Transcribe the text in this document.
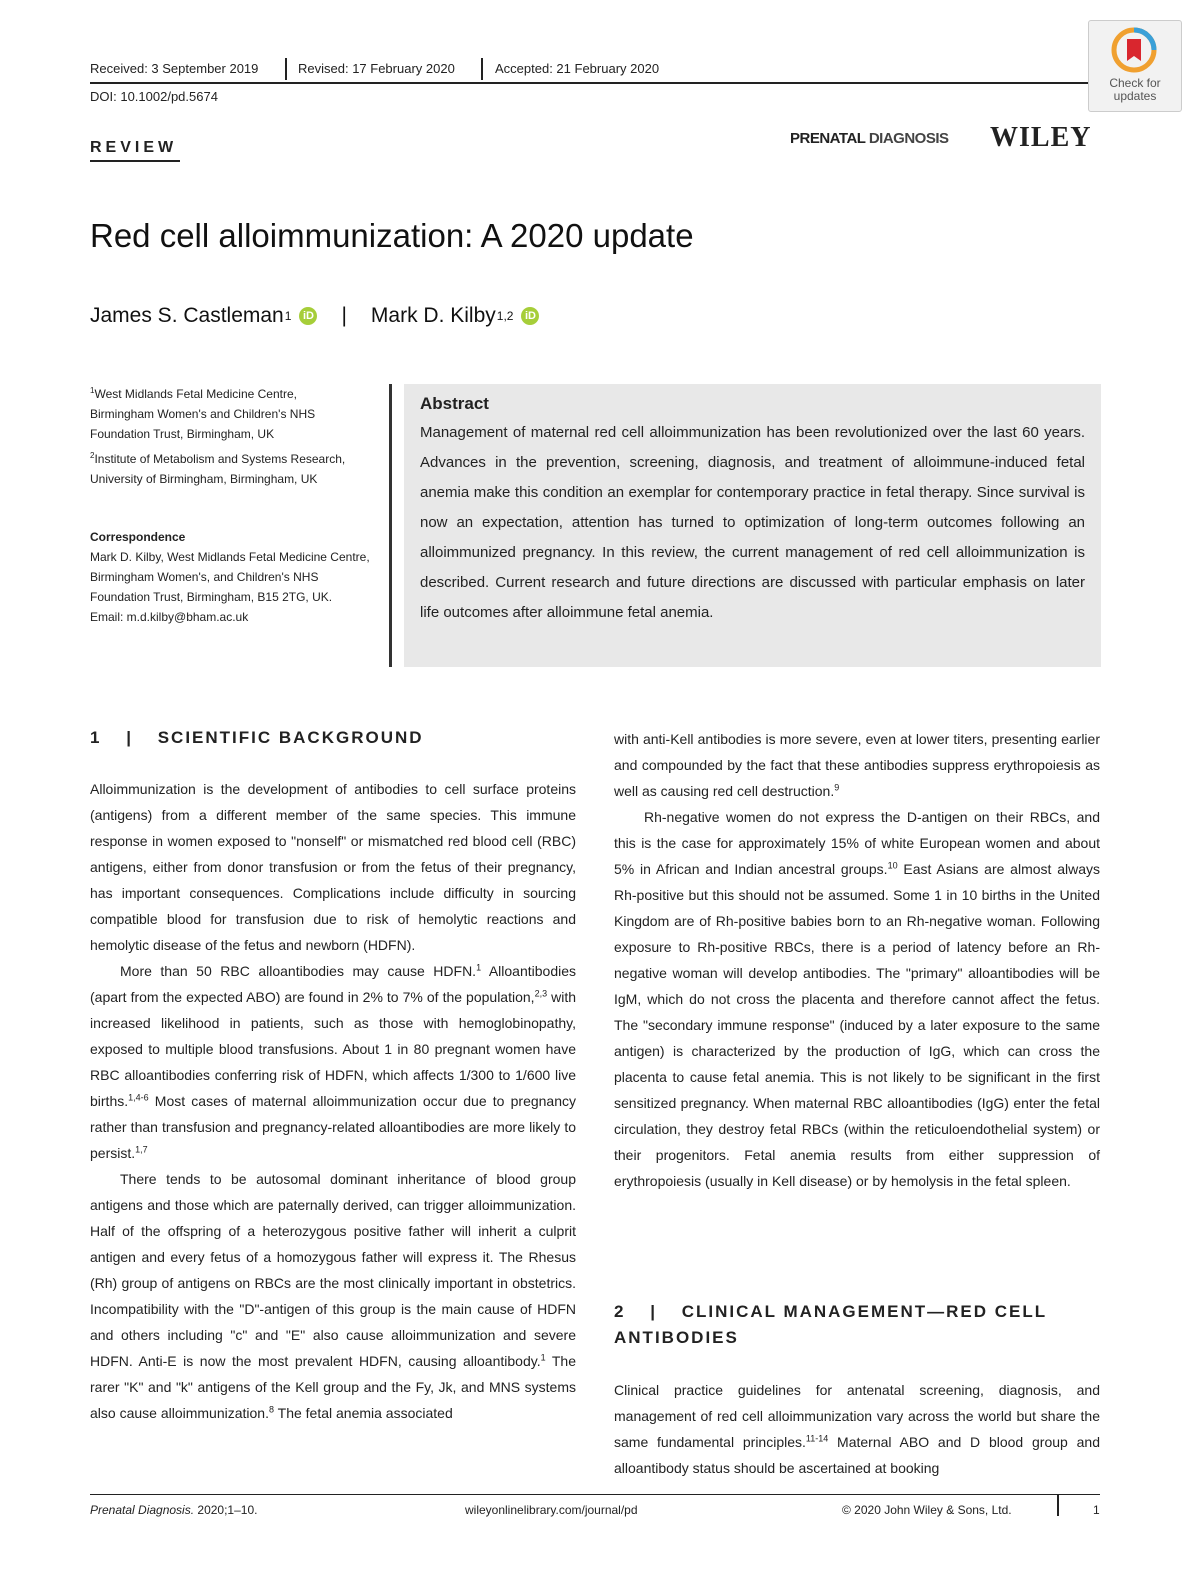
Received: 3 September 2019	Revised: 17 February 2020	Accepted: 21 February 2020
DOI: 10.1002/pd.5674
Check for
updates
PRENATAL DIAGNOSIS WILEY
REVIEW
Red cell alloimmunization: A 2020 update
James S. Castleman 1	iD | Mark D. Kilby 1,2	iD
$^1$West Midlands Fetal Medicine Centre, Birmingham Women's and Children's NHS Foundation Trust, Birmingham, UK
$^2$Institute of Metabolism and Systems Research, University of Birmingham, Birmingham, UK
Correspondence
Mark D. Kilby, West Midlands Fetal Medicine Centre, Birmingham Women's, and Children's NHS Foundation Trust, Birmingham, B15 2TG, UK.
Email: m.d.kilby@bham.ac.uk
Abstract

Management of maternal red cell alloimmunization has been revolutionized over the last 60 years. Advances in the prevention, screening, diagnosis, and treatment of alloimmune-induced fetal anemia make this condition an exemplar for contemporary practice in fetal therapy. Since survival is now an expectation, attention has turned to optimization of long-term outcomes following an alloimmunized pregnancy. In this review, the current management of red cell alloimmunization is described. Current research and future directions are discussed with particular emphasis on later life outcomes after alloimmune fetal anemia.

1 | SCIENTIFIC BACKGROUND

Alloimmunization is the development of antibodies to cell surface proteins (antigens) from a different member of the same species. This immune response in women exposed to "nonself" or mismatched red blood cell (RBC) antigens, either from donor transfusion or from the fetus of their pregnancy, has important consequences. Complications include difficulty in sourcing compatible blood for transfusion due to risk of hemolytic reactions and hemolytic disease of the fetus and newborn (HDFN).

More than 50 RBC alloantibodies may cause HDFN.$^1$ Alloantibodies (apart from the expected ABO) are found in 2% to 7% of the population,$^{2,3}$ with increased likelihood in patients, such as those with hemoglobinopathy, exposed to multiple blood transfusions. About 1 in 80 pregnant women have RBC alloantibodies conferring risk of HDFN, which affects 1/300 to 1/600 live births.$^{1,4-6}$ Most cases of maternal alloimmunization occur due to pregnancy rather than transfusion and pregnancy-related alloantibodies are more likely to persist.$^{1,7}$

There tends to be autosomal dominant inheritance of blood group antigens and those which are paternally derived, can trigger alloimmunization. Half of the offspring of a heterozygous positive father will inherit a culprit antigen and every fetus of a homozygous father will express it. The Rhesus (Rh) group of antigens on RBCs are the most clinically important in obstetrics. Incompatibility with the "D"-antigen of this group is the main cause of HDFN and others including "c" and "E" also cause alloimmunization and severe HDFN. Anti-E is now the most prevalent HDFN, causing alloantibody.$^1$ The rarer "K" and "k" antigens of the Kell group and the Fy, Jk, and MNS systems also cause alloimmunization.$^8$ The fetal anemia associated

with anti-Kell antibodies is more severe, even at lower titers, presenting earlier and compounded by the fact that these antibodies suppress erythropoiesis as well as causing red cell destruction.$^9$

Rh-negative women do not express the D-antigen on their RBCs, and this is the case for approximately 15% of white European women and about 5% in African and Indian ancestral groups.$^{10}$ East Asians are almost always Rh-positive but this should not be assumed. Some 1 in 10 births in the United Kingdom are of Rh-positive babies born to an Rh-negative woman. Following exposure to Rh-positive RBCs, there is a period of latency before an Rh-negative woman will develop antibodies. The "primary" alloantibodies will be IgM, which do not cross the placenta and therefore cannot affect the fetus. The "secondary immune response" (induced by a later exposure to the same antigen) is characterized by the production of IgG, which can cross the placenta to cause fetal anemia. This is not likely to be significant in the first sensitized pregnancy. When maternal RBC alloantibodies (IgG) enter the fetal circulation, they destroy fetal RBCs (within the reticuloendothelial system) or their progenitors. Fetal anemia results from either suppression of erythropoiesis (usually in Kell disease) or by hemolysis in the fetal spleen.

2 | CLINICAL MANAGEMENT—RED CELL
ANTIBODIES

Clinical practice guidelines for antenatal screening, diagnosis, and management of red cell alloimmunization vary across the world but share the same fundamental principles.$^{11-14}$ Maternal ABO and D blood group and alloantibody status should be ascertained at booking

Prenatal Diagnosis. 2020;1–10.	wileyonlinelibrary.com/journal/pd	© 2020 John Wiley & Sons, Ltd.	1
